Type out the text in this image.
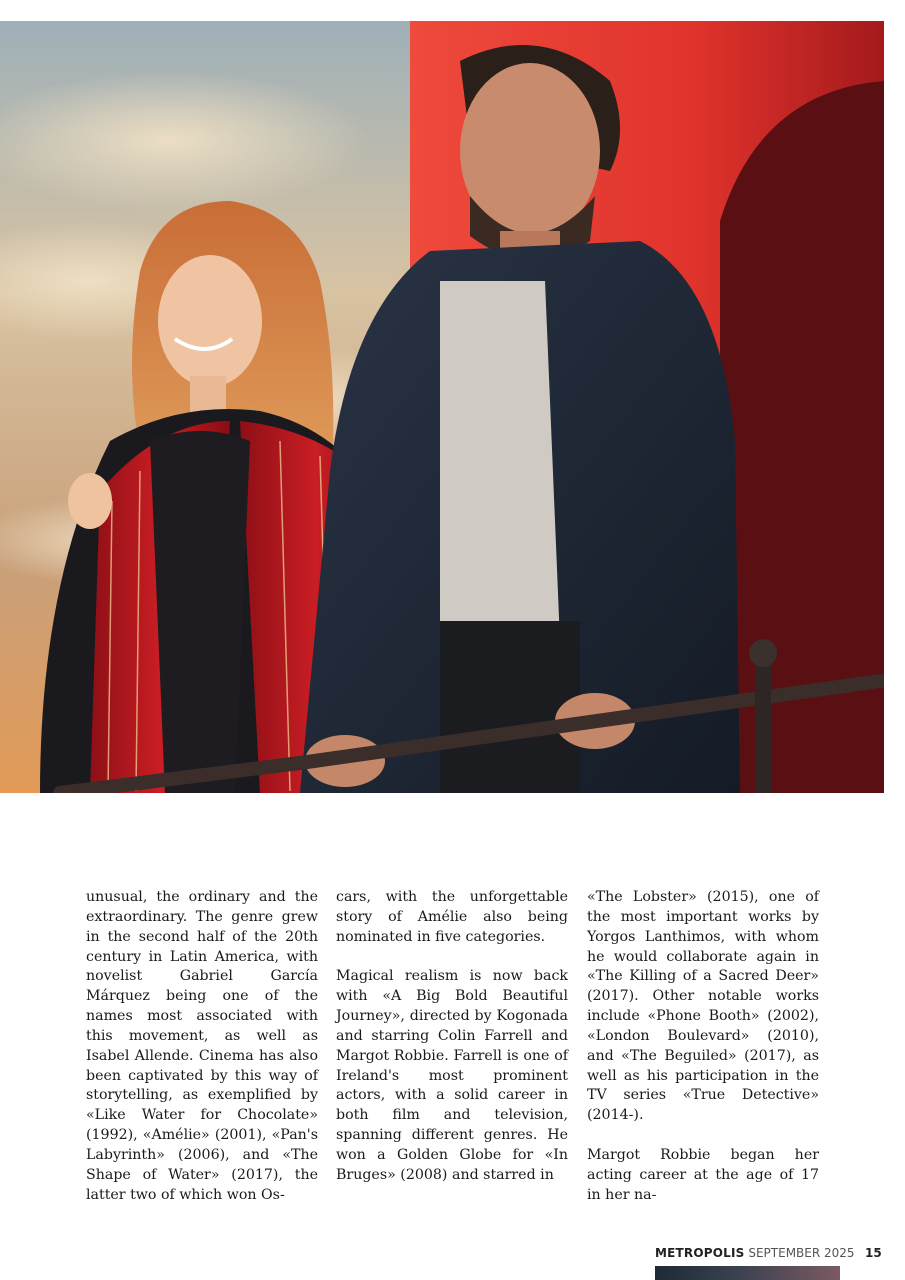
unusual, the ordinary and the extraordinary. The genre grew in the second half of the 20th century in Latin America, with novelist Gabriel García Márquez being one of the names most associated with this movement, as well as Isabel Allende. Cinema has also been captivated by this way of storytelling, as exemplified by «Like Water for Chocolate» (1992), «Amélie» (2001), «Pan's Labyrinth» (2006), and «The Shape of Water» (2017), the latter two of which won Os-

cars, with the unforgettable story of Amélie also being nominated in five categories.

Magical realism is now back with «A Big Bold Beautiful Journey», directed by Kogonada and starring Colin Farrell and Margot Robbie. Farrell is one of Ireland's most prominent actors, with a solid career in both film and television, spanning different genres. He won a Golden Globe for «In Bruges» (2008) and starred in

«The Lobster» (2015), one of the most important works by Yorgos Lanthimos, with whom he would collaborate again in «The Killing of a Sacred Deer» (2017). Other notable works include «Phone Booth» (2002), «London Boulevard» (2010), and «The Beguiled» (2017), as well as his participation in the TV series «True Detective» (2014-).

Margot Robbie began her acting career at the age of 17 in her na-

METROPOLIS SEPTEMBER 2025 15
